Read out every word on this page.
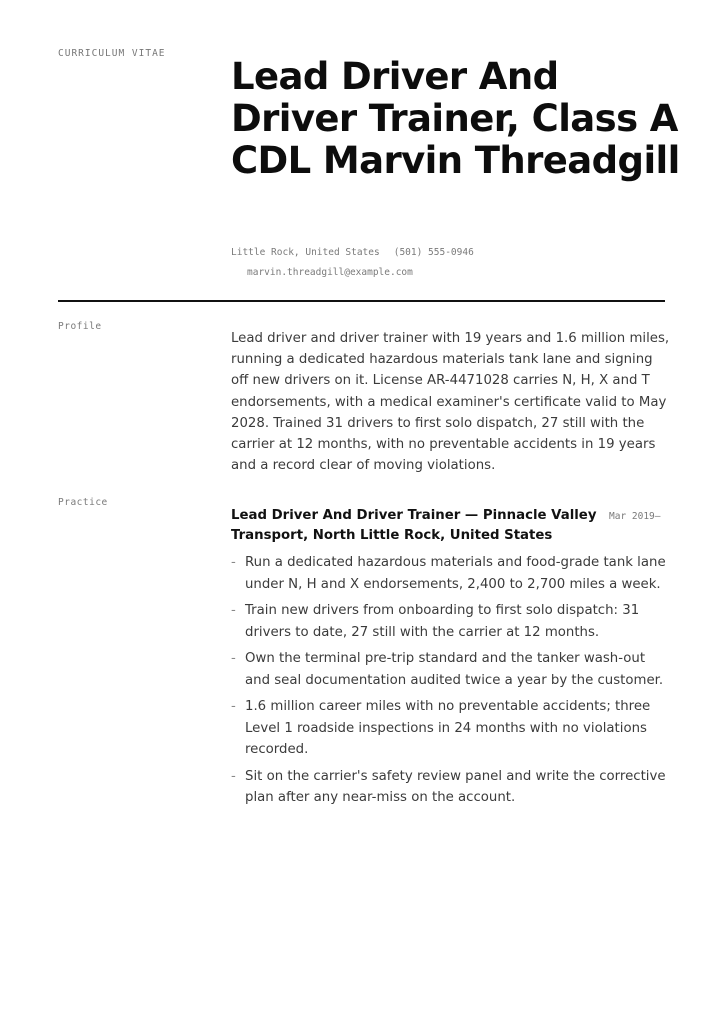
CURRICULUM VITAE
Lead Driver And Driver Trainer, Class A CDL Marvin Threadgill
Little Rock, United States (501) 555-0946
marvin.threadgill@example.com
Profile

Lead driver and driver trainer with 19 years and 1.6 million miles, running a dedicated hazardous materials tank lane and signing off new drivers on it. License AR-4471028 carries N, H, X and T endorsements, with a medical examiner's certificate valid to May 2028. Trained 31 drivers to first solo dispatch, 27 still with the carrier at 12 months, with no preventable accidents in 19 years and a record clear of moving violations.

Practice
Lead Driver And Driver Trainer — Pinnacle Valley Transport, North Little Rock, United States
Mar 2019–
- Run a dedicated hazardous materials and food-grade tank lane under N, H and X endorsements, 2,400 to 2,700 miles a week.
- Train new drivers from onboarding to first solo dispatch: 31 drivers to date, 27 still with the carrier at 12 months.
- Own the terminal pre-trip standard and the tanker wash-out and seal documentation audited twice a year by the customer.
- 1.6 million career miles with no preventable accidents; three Level 1 roadside inspections in 24 months with no violations recorded.
- Sit on the carrier's safety review panel and write the corrective plan after any near-miss on the account.
